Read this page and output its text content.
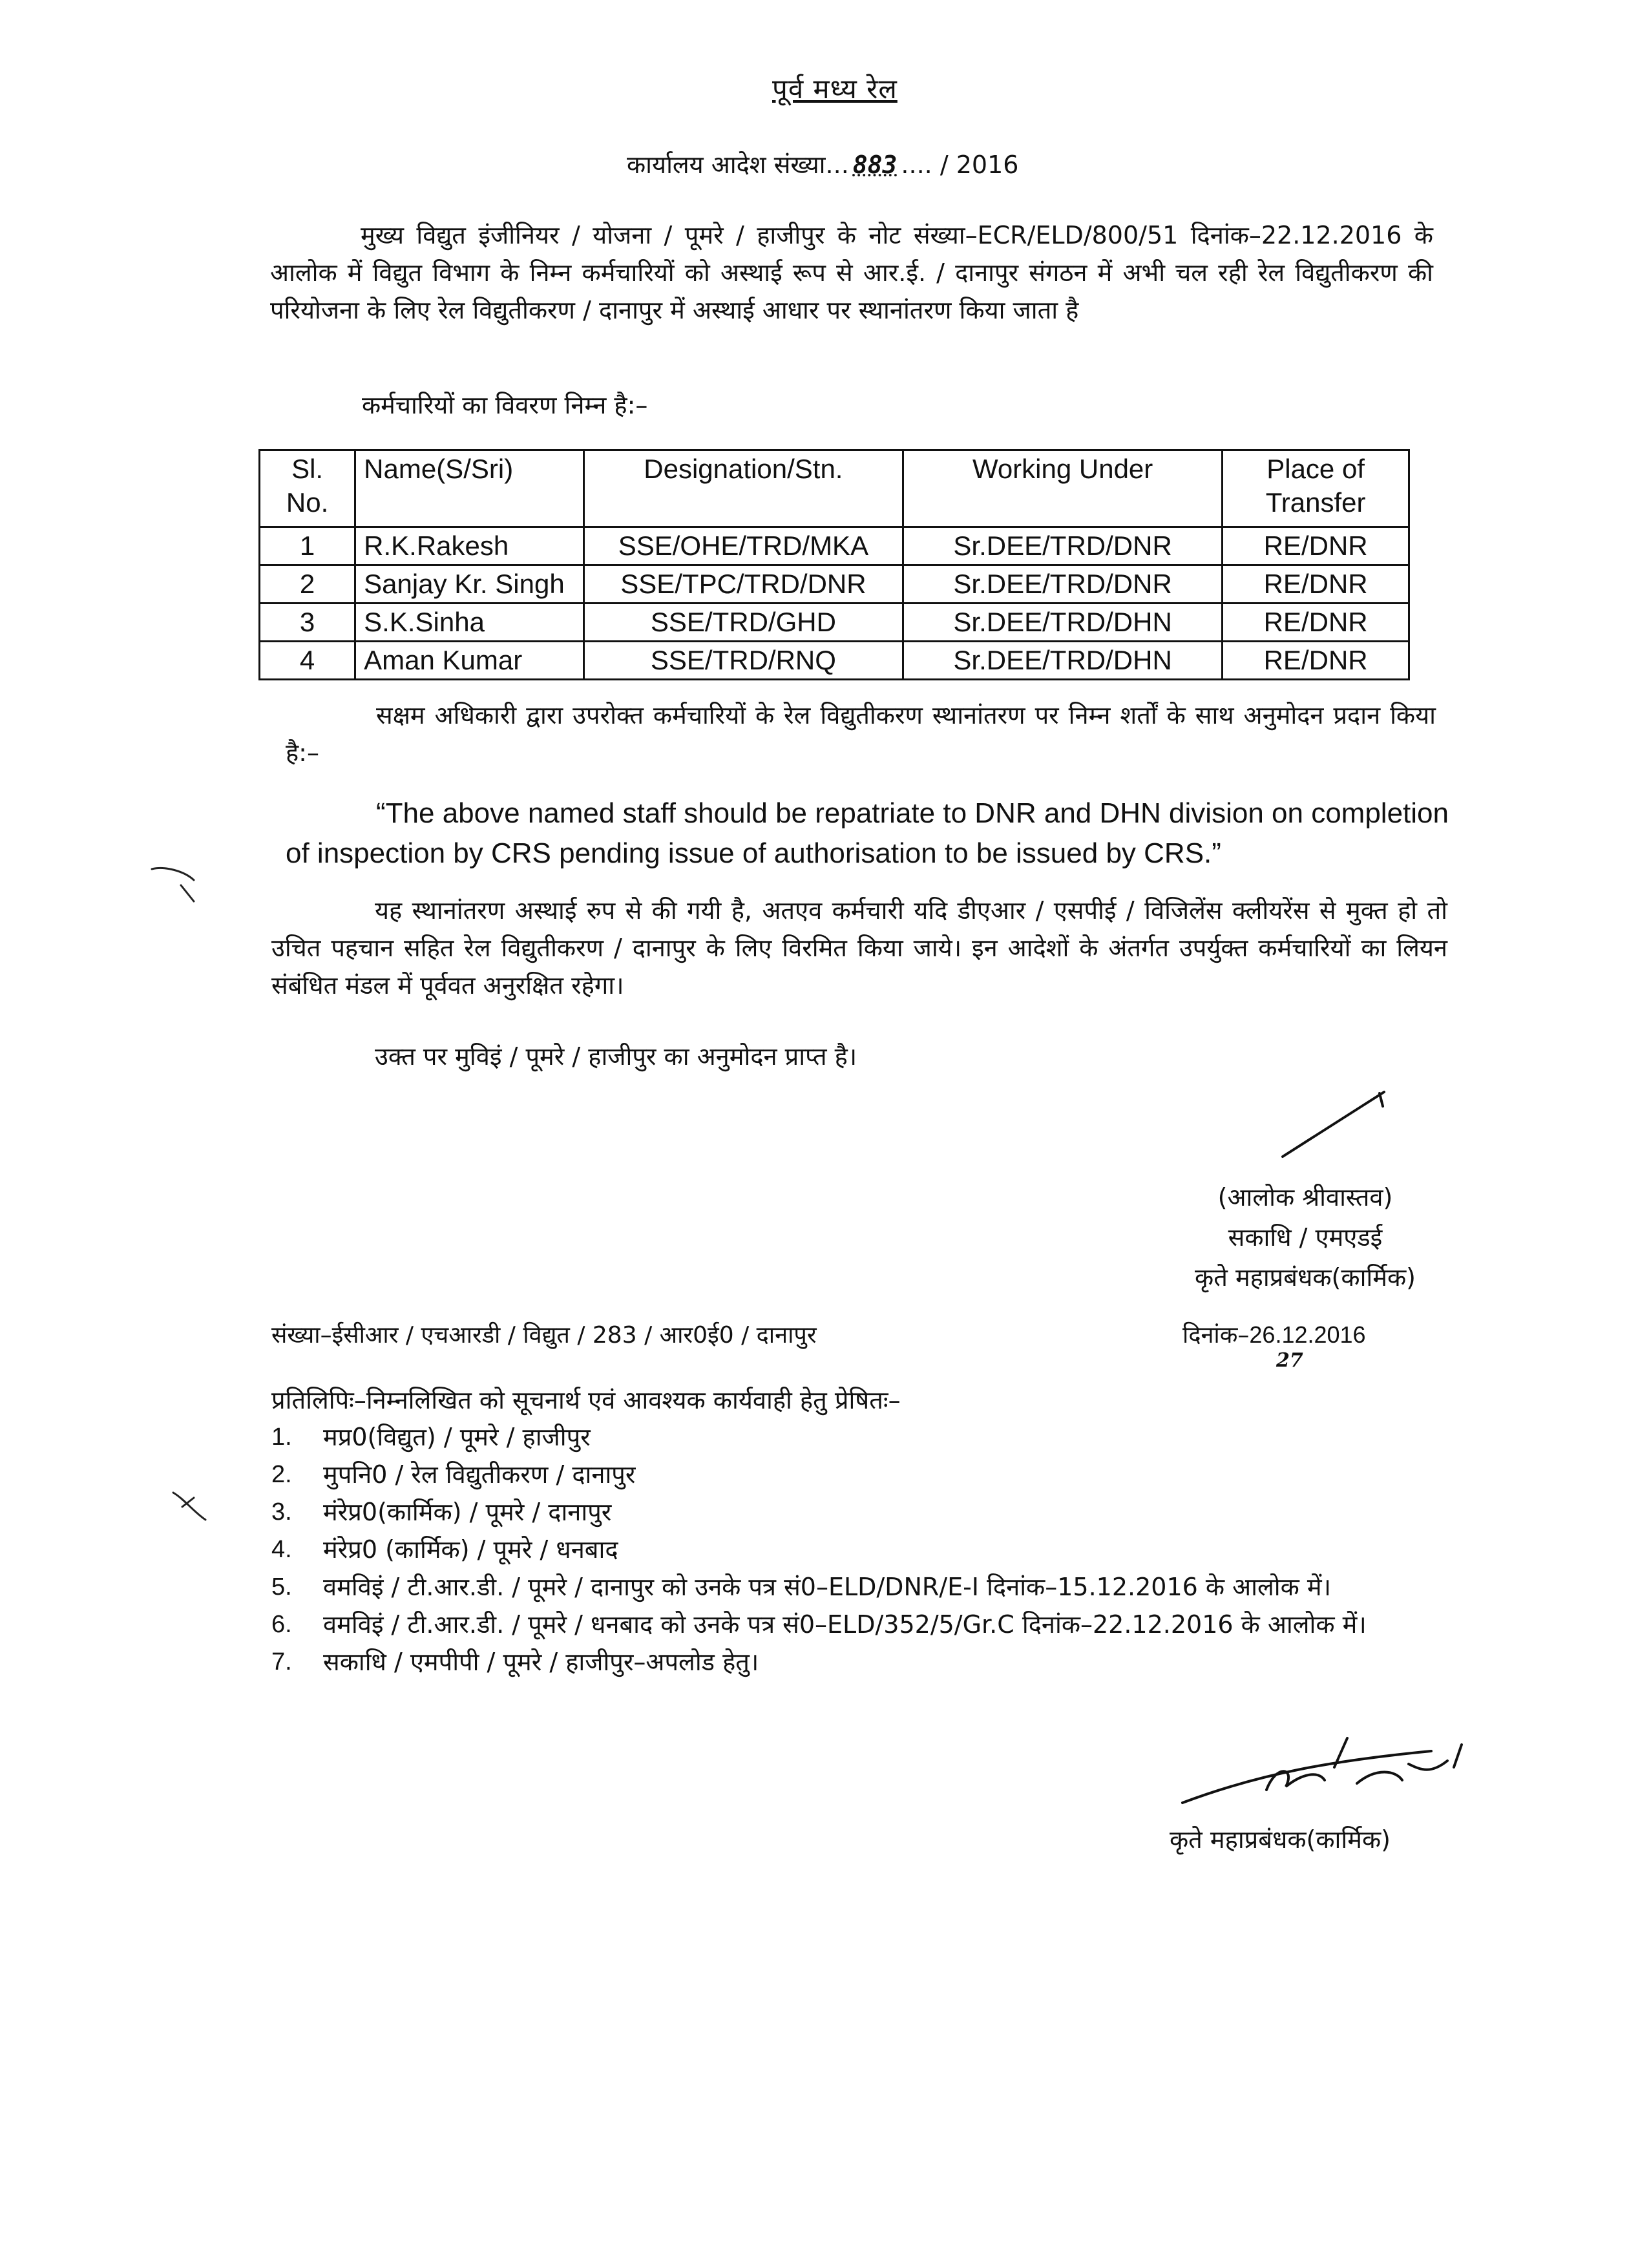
पूर्व मध्य रेल
कार्यालय आदेश संख्या... 883 .... / 2016
मुख्य विद्युत इंजीनियर / योजना / पूमरे / हाजीपुर के नोट संख्या–ECR/ELD/800/51 दिनांक–22.12.2016 के आलोक में विद्युत विभाग के निम्न कर्मचारियों को अस्थाई रूप से आर.ई. / दानापुर संगठन में अभी चल रही रेल विद्युतीकरण की परियोजना के लिए रेल विद्युतीकरण / दानापुर में अस्थाई आधार पर स्थानांतरण किया जाता है
कर्मचारियों का विवरण निम्न है:–
Sl. No.	Name(S/Sri)	Designation/Stn.	Working Under	Place of Transfer
1	R.K.Rakesh	SSE/OHE/TRD/MKA	Sr.DEE/TRD/DNR	RE/DNR
2	Sanjay Kr. Singh	SSE/TPC/TRD/DNR	Sr.DEE/TRD/DNR	RE/DNR
3	S.K.Sinha	SSE/TRD/GHD	Sr.DEE/TRD/DHN	RE/DNR
4	Aman Kumar	SSE/TRD/RNQ	Sr.DEE/TRD/DHN	RE/DNR
सक्षम अधिकारी द्वारा उपरोक्त कर्मचारियों के रेल विद्युतीकरण स्थानांतरण पर निम्न शर्तों के साथ अनुमोदन प्रदान किया है:–
“The above named staff should be repatriate to DNR and DHN division on completion of inspection by CRS pending issue of authorisation to be issued by CRS.”
यह स्थानांतरण अस्थाई रुप से की गयी है, अतएव कर्मचारी यदि डीएआर / एसपीई / विजिलेंस क्लीयरेंस से मुक्त हो तो उचित पहचान सहित रेल विद्युतीकरण / दानापुर के लिए विरमित किया जाये। इन आदेशों के अंतर्गत उपर्युक्त कर्मचारियों का लियन संबंधित मंडल में पूर्ववत अनुरक्षित रहेगा।
उक्त पर मुविइं / पूमरे / हाजीपुर का अनुमोदन प्राप्त है।
(आलोक श्रीवास्तव)
सकाधि / एमएडई
कृते महाप्रबंधक(कार्मिक)
संख्या–ईसीआर / एचआरडी / विद्युत / 283 / आर0ई0 / दानापुर	दिनांक–26.12.2016
27
प्रतिलिपिः–निम्नलिखित को सूचनार्थ एवं आवश्यक कार्यवाही हेतु प्रेषितः–
1.	मप्र0(विद्युत) / पूमरे / हाजीपुर
2.	मुपनि0 / रेल विद्युतीकरण / दानापुर
3.	मंरेप्र0(कार्मिक) / पूमरे / दानापुर
4.	मंरेप्र0 (कार्मिक) / पूमरे / धनबाद
5.	वमविइं / टी.आर.डी. / पूमरे / दानापुर को उनके पत्र सं0–ELD/DNR/E-I दिनांक–15.12.2016 के आलोक में।
6.	वमविइं / टी.आर.डी. / पूमरे / धनबाद को उनके पत्र सं0–ELD/352/5/Gr.C दिनांक–22.12.2016 के आलोक में।
7.	सकाधि / एमपीपी / पूमरे / हाजीपुर–अपलोड हेतु।
कृते महाप्रबंधक(कार्मिक)
